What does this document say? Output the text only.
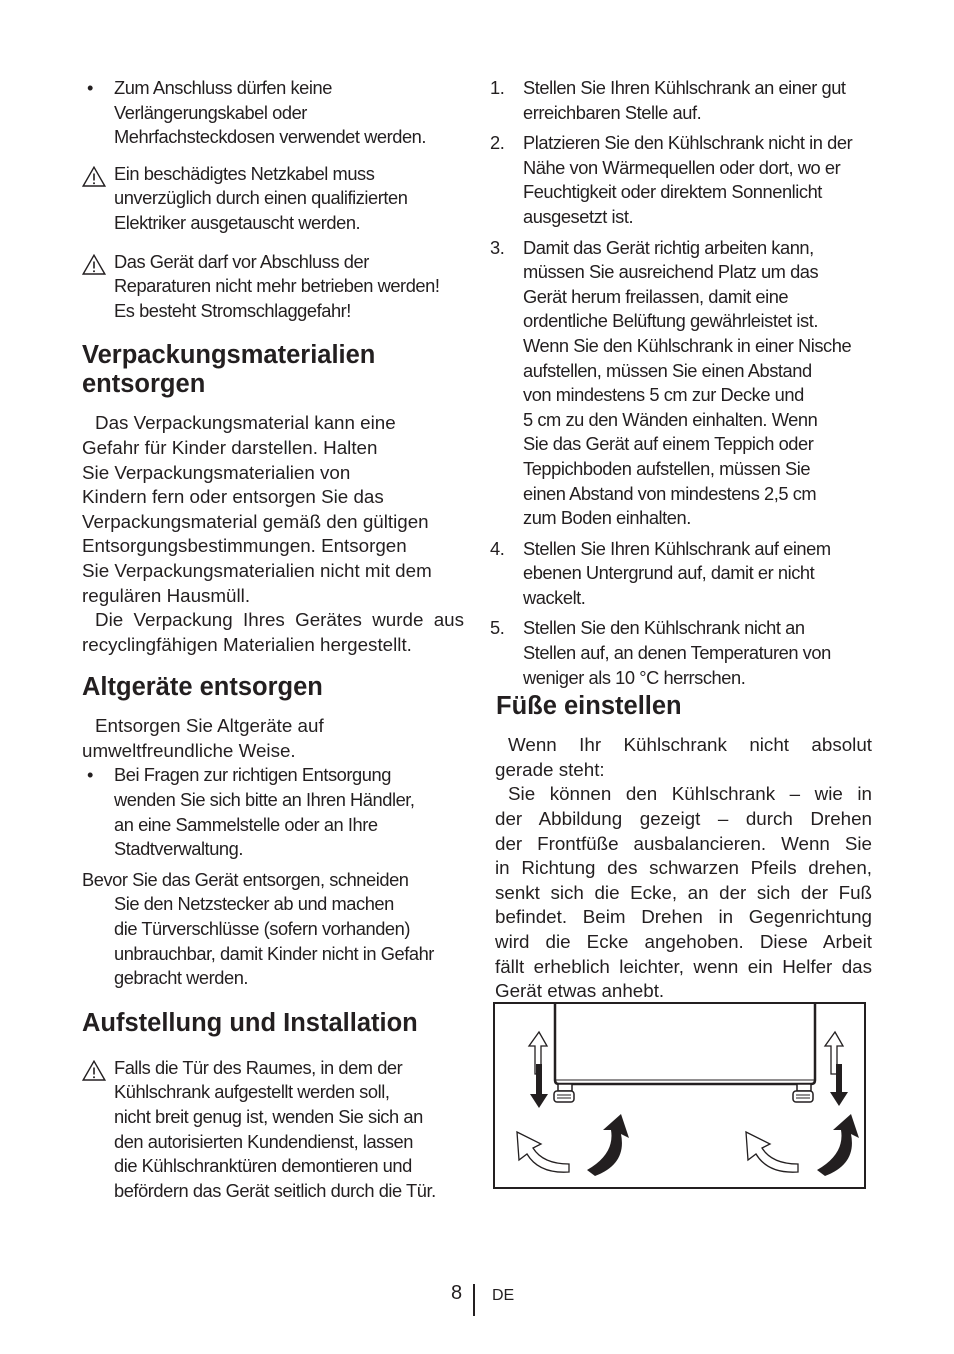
• Zum Anschluss dürfen keine
Verlängerungskabel oder
Mehrfachsteckdosen verwendet werden.
Ein beschädigtes Netzkabel muss
unverzüglich durch einen qualifizierten
Elektriker ausgetauscht werden.
Das Gerät darf vor Abschluss der
Reparaturen nicht mehr betrieben werden!
Es besteht Stromschlaggefahr!
Verpackungsmaterialien
entsorgen
Das Verpackungsmaterial kann eine
Gefahr für Kinder darstellen. Halten
Sie Verpackungsmaterialien von
Kindern fern oder entsorgen Sie das
Verpackungsmaterial gemäß den gültigen
Entsorgungsbestimmungen. Entsorgen
Sie Verpackungsmaterialien nicht mit dem
regulären Hausmüll.
Die Verpackung Ihres Gerätes wurde aus
recyclingfähigen Materialien hergestellt.
Altgeräte entsorgen
Entsorgen Sie Altgeräte auf
umweltfreundliche Weise.
• Bei Fragen zur richtigen Entsorgung
wenden Sie sich bitte an Ihren Händler,
an eine Sammelstelle oder an Ihre
Stadtverwaltung.
Bevor Sie das Gerät entsorgen, schneiden
Sie den Netzstecker ab und machen
die Türverschlüsse (sofern vorhanden)
unbrauchbar, damit Kinder nicht in Gefahr
gebracht werden.
Aufstellung und Installation
Falls die Tür des Raumes, in dem der
Kühlschrank aufgestellt werden soll,
nicht breit genug ist, wenden Sie sich an
den autorisierten Kundendienst, lassen
die Kühlschranktüren demontieren und
befördern das Gerät seitlich durch die Tür.
1. Stellen Sie Ihren Kühlschrank an einer gut
erreichbaren Stelle auf.
2. Platzieren Sie den Kühlschrank nicht in der
Nähe von Wärmequellen oder dort, wo er
Feuchtigkeit oder direktem Sonnenlicht
ausgesetzt ist.
3. Damit das Gerät richtig arbeiten kann,
müssen Sie ausreichend Platz um das
Gerät herum freilassen, damit eine
ordentliche Belüftung gewährleistet ist.
Wenn Sie den Kühlschrank in einer Nische
aufstellen, müssen Sie einen Abstand
von mindestens 5 cm zur Decke und
5 cm zu den Wänden einhalten. Wenn
Sie das Gerät auf einem Teppich oder
Teppichboden aufstellen, müssen Sie
einen Abstand von mindestens 2,5 cm
zum Boden einhalten.
4. Stellen Sie Ihren Kühlschrank auf einem
ebenen Untergrund auf, damit er nicht
wackelt.
5. Stellen Sie den Kühlschrank nicht an
Stellen auf, an denen Temperaturen von
weniger als 10 °C herrschen.
Füße einstellen
Wenn Ihr Kühlschrank nicht absolut
gerade steht:
Sie können den Kühlschrank – wie in
der Abbildung gezeigt – durch Drehen
der Frontfüße ausbalancieren. Wenn Sie
in Richtung des schwarzen Pfeils drehen,
senkt sich die Ecke, an der sich der Fuß
befindet. Beim Drehen in Gegenrichtung
wird die Ecke angehoben. Diese Arbeit
fällt erheblich leichter, wenn ein Helfer das
Gerät etwas anhebt.
8 DE
